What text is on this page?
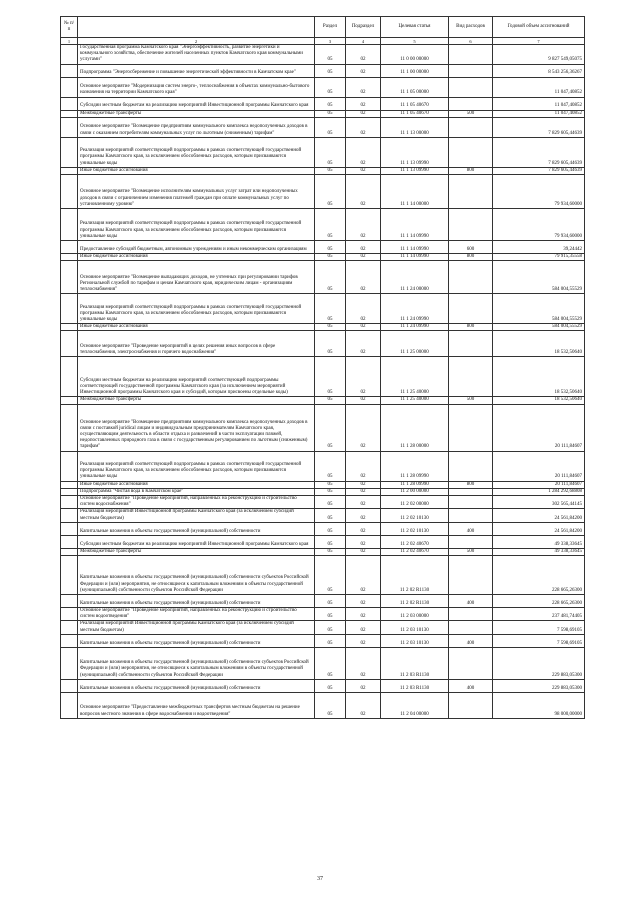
№ п/п		Раздел	Подраздел	Целевая статья	Вид расходов	Годовой объем ассигнований
1	2	3	4	5	6	7
	Государственная программа Камчатского края "Энергоэффективность, развитие энергетики и коммунального хозяйства, обеспечение жителей населенных пунктов Камчатского края коммунальными услугами"	05	02	11 0 00 00000		9 827 549,05075
	Подпрограмма "Энергосбережение и повышение энергетической эффективности в Камчатском крае"	05	02	11 1 00 00000		8 543 256,36267
	Основное мероприятие "Модернизация систем энерго-, теплоснабжения в объектах коммунально-бытового назначения на территории Камчатского края"	05	02	11 1 05 00000		11 047,40852
	Субсидии местным бюджетам на реализацию мероприятий Инвестиционной программы Камчатского края	05	02	11 1 05 40670		11 047,40852
	Межбюджетные трансферты	05	02	11 1 05 40670	500	11 047,40852
	Основное мероприятие "Возмещение предприятиям коммунального комплекса недополученных доходов в связи с оказанием потребителям коммунальных услуг по льготным (сниженным) тарифам"	05	02	11 1 13 00000		7 829 605,44639
	Реализация мероприятий соответствующей подпрограммы в рамках соответствующей государственной программы Камчатского края, за исключением обособленных расходов, которым присваиваются уникальные коды	05	02	11 1 13 09990		7 829 605,44639
	Иные бюджетные ассигнования	05	02	11 1 13 09990	800	7 829 605,44639
	Основное мероприятие "Возмещение исполнителям коммунальных услуг затрат или недополученных доходов в связи с ограничением изменения платежей граждан при оплате коммунальных услуг по установленному уровню"	05	02	11 1 14 00000		79 934,60000
	Реализация мероприятий соответствующей подпрограммы в рамках соответствующей государственной программы Камчатского края, за исключением обособленных расходов, которым присваиваются уникальные коды	05	02	11 1 14 09990		79 934,60000
	Предоставление субсидий бюджетным, автономным учреждениям и иным некоммерческим организациям	05	02	11 1 14 09990	600	39,24442
	Иные бюджетные ассигнования	05	02	11 1 14 09990	800	79 915,35558
	Основное мероприятие "Возмещение выпадающих доходов, не учтенных при регулировании тарифов Региональной службой по тарифам и ценам Камчатского края, юридическим лицам - организациям теплоснабжения"	05	02	11 1 24 00000		584 004,55529
	Реализация мероприятий соответствующей подпрограммы в рамках соответствующей государственной программы Камчатского края, за исключением обособленных расходов, которым присваиваются уникальные коды	05	02	11 1 24 09990		584 004,55529
	Иные бюджетные ассигнования	05	02	11 1 24 09990	800	584 004,55529
	Основное мероприятие "Проведение мероприятий в целях решения иных вопросов в сфере теплоснабжения, электроснабжения и горячего водоснабжения"	05	02	11 1 25 00000		18 532,50640
	Субсидии местным бюджетам на реализацию мероприятий соответствующей подпрограммы соответствующей государственной программы Камчатского края (за исключением мероприятий Инвестиционной программы Камчатского края и субсидий, которым присвоены отдельные коды)	05	02	11 1 25 40000		18 532,50640
	Межбюджетные трансферты	05	02	11 1 25 40000	500	18 532,50640
	Основное мероприятие "Возмещение предприятиям коммунального комплекса недополученных доходов в связи с поставкой juridical лицам и индивидуальным предпринимателям Камчатского края, осуществляющим деятельность в области отдыха и развлечений в части эксплуатации пляжей, недопоставленных природного газа в связи с государственным регулированием по льготным (сниженным) тарифам"	05	02	11 1 28 00000		20 111,84607
	Реализация мероприятий соответствующей подпрограммы в рамках соответствующей государственной программы Камчатского края, за исключением обособленных расходов, которым присваиваются уникальные коды	05	02	11 1 28 09990		20 111,84607
	Иные бюджетные ассигнования	05	02	11 1 28 09990	800	20 111,84607
	Подпрограмма "Чистая вода в Камчатском крае"	05	02	11 2 00 00000		1 284 292,68808
	Основное мероприятие "Проведение мероприятий, направленных на реконструкцию и строительство систем водоснабжения"	05	02	11 2 02 00000		302 565,44145
	Реализация мероприятий Инвестиционной программы Камчатского края (за исключением субсидий местным бюджетам)	05	02	11 2 02 10130		24 561,84200
	Капитальные вложения в объекты государственной (муниципальной) собственности	05	02	11 2 02 10130	400	24 561,84200
	Субсидии местным бюджетам на реализацию мероприятий Инвестиционной программы Камчатского края	05	02	11 2 02 40670		49 338,33645
	Межбюджетные трансферты	05	02	11 2 02 40670	500	49 338,33645
	Капитальные вложения в объекты государственной (муниципальной) собственности субъектов Российской Федерации и (или) мероприятия, не относящиеся к капитальным вложениям в объекты государственной (муниципальной) собственности субъектов Российской Федерации	05	02	11 2 02 R1130		228 665,26300
	Капитальные вложения в объекты государственной (муниципальной) собственности	05	02	11 2 02 R1130	400	228 665,26300
	Основное мероприятие "Проведение мероприятий, направленных на реконструкцию и строительство систем водоотведения"	05	02	11 2 03 00000		237 481,74405
	Реализация мероприятий Инвестиционной программы Камчатского края (за исключением субсидий местным бюджетам)	05	02	11 2 03 10130		7 598,69105
	Капитальные вложения в объекты государственной (муниципальной) собственности	05	02	11 2 03 10130	400	7 598,69105
	Капитальные вложения в объекты государственной (муниципальной) собственности субъектов Российской Федерации и (или) мероприятия, не относящиеся к капитальным вложениям в объекты государственной (муниципальной) собственности субъектов Российской Федерации	05	02	11 2 03 R1130		229 883,05300
	Капитальные вложения в объекты государственной (муниципальной) собственности	05	02	11 2 03 R1130	400	229 883,05300
	Основное мероприятие "Предоставление межбюджетных трансфертов местным бюджетам на решение вопросов местного значения в сфере водоснабжения и водоотведения"	05	02	11 2 04 00000		98 000,00000
37
